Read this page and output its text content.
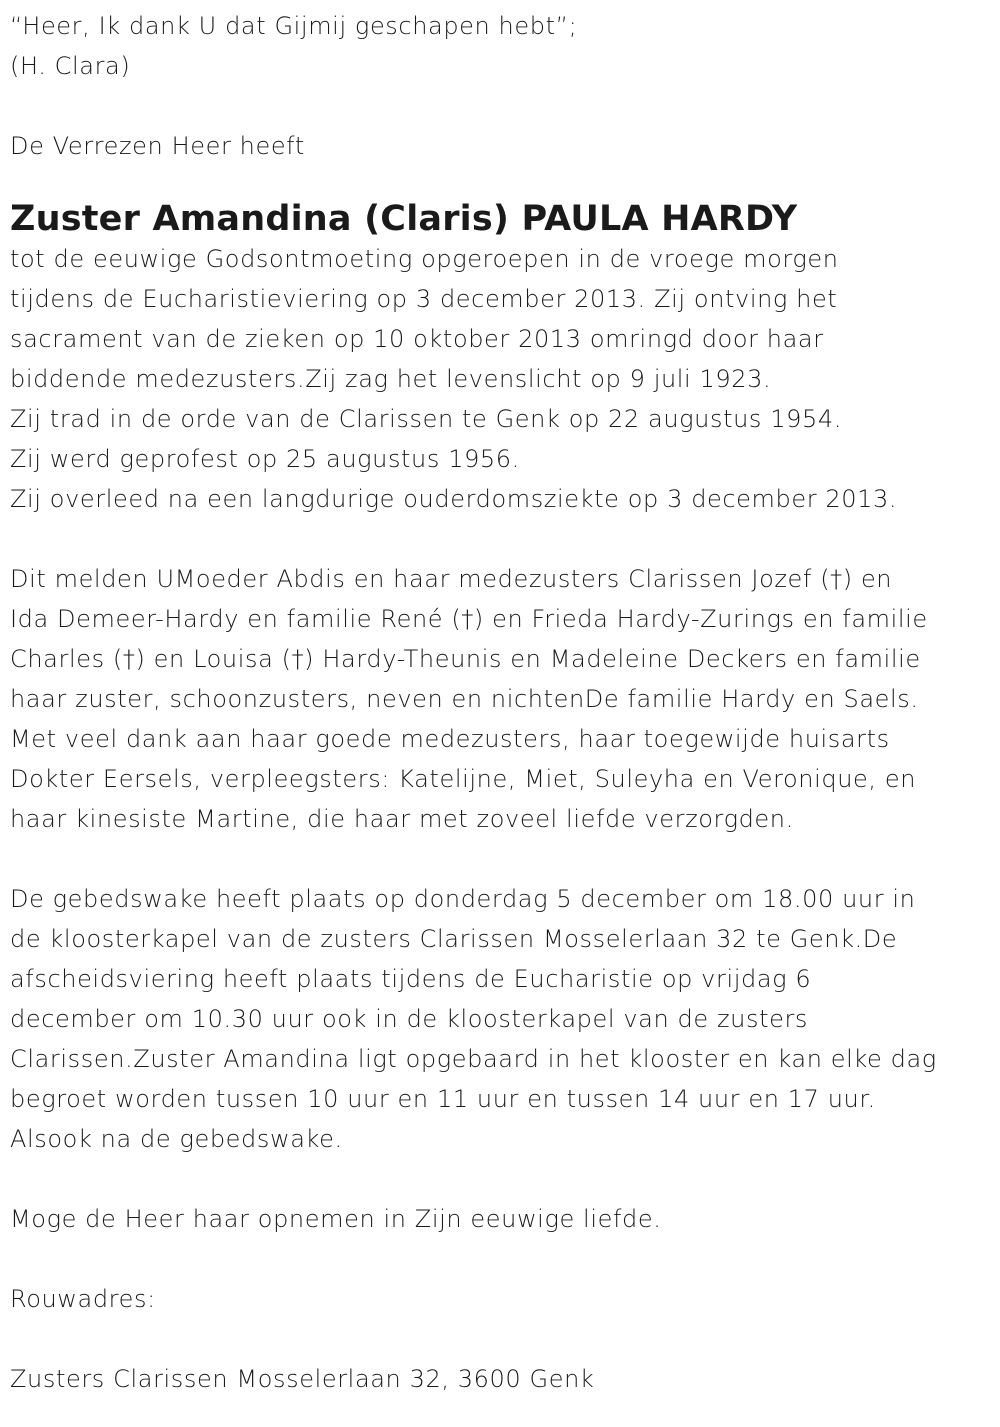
“Heer, Ik dank U dat Gijmij geschapen hebt”;
(H. Clara)
De Verrezen Heer heeft
Zuster Amandina (Claris) PAULA HARDY
tot de eeuwige Godsontmoeting opgeroepen in de vroege morgen
tijdens de Eucharistieviering op 3 december 2013. Zij ontving het
sacrament van de zieken op 10 oktober 2013 omringd door haar
biddende medezusters.Zij zag het levenslicht op 9 juli 1923.
Zij trad in de orde van de Clarissen te Genk op 22 augustus 1954.
Zij werd geprofest op 25 augustus 1956.
Zij overleed na een langdurige ouderdomsziekte op 3 december 2013.
Dit melden UMoeder Abdis en haar medezusters Clarissen Jozef (†) en
Ida Demeer-Hardy en familie René (†) en Frieda Hardy-Zurings en familie
Charles (†) en Louisa (†) Hardy-Theunis en Madeleine Deckers en familie
haar zuster, schoonzusters, neven en nichtenDe familie Hardy en Saels.
Met veel dank aan haar goede medezusters, haar toegewijde huisarts
Dokter Eersels, verpleegsters: Katelijne, Miet, Suleyha en Veronique, en
haar kinesiste Martine, die haar met zoveel liefde verzorgden.
De gebedswake heeft plaats op donderdag 5 december om 18.00 uur in
de kloosterkapel van de zusters Clarissen Mosselerlaan 32 te Genk.De
afscheidsviering heeft plaats tijdens de Eucharistie op vrijdag 6
december om 10.30 uur ook in de kloosterkapel van de zusters
Clarissen.Zuster Amandina ligt opgebaard in het klooster en kan elke dag
begroet worden tussen 10 uur en 11 uur en tussen 14 uur en 17 uur.
Alsook na de gebedswake.
Moge de Heer haar opnemen in Zijn eeuwige liefde.
Rouwadres:
Zusters Clarissen Mosselerlaan 32, 3600 Genk
